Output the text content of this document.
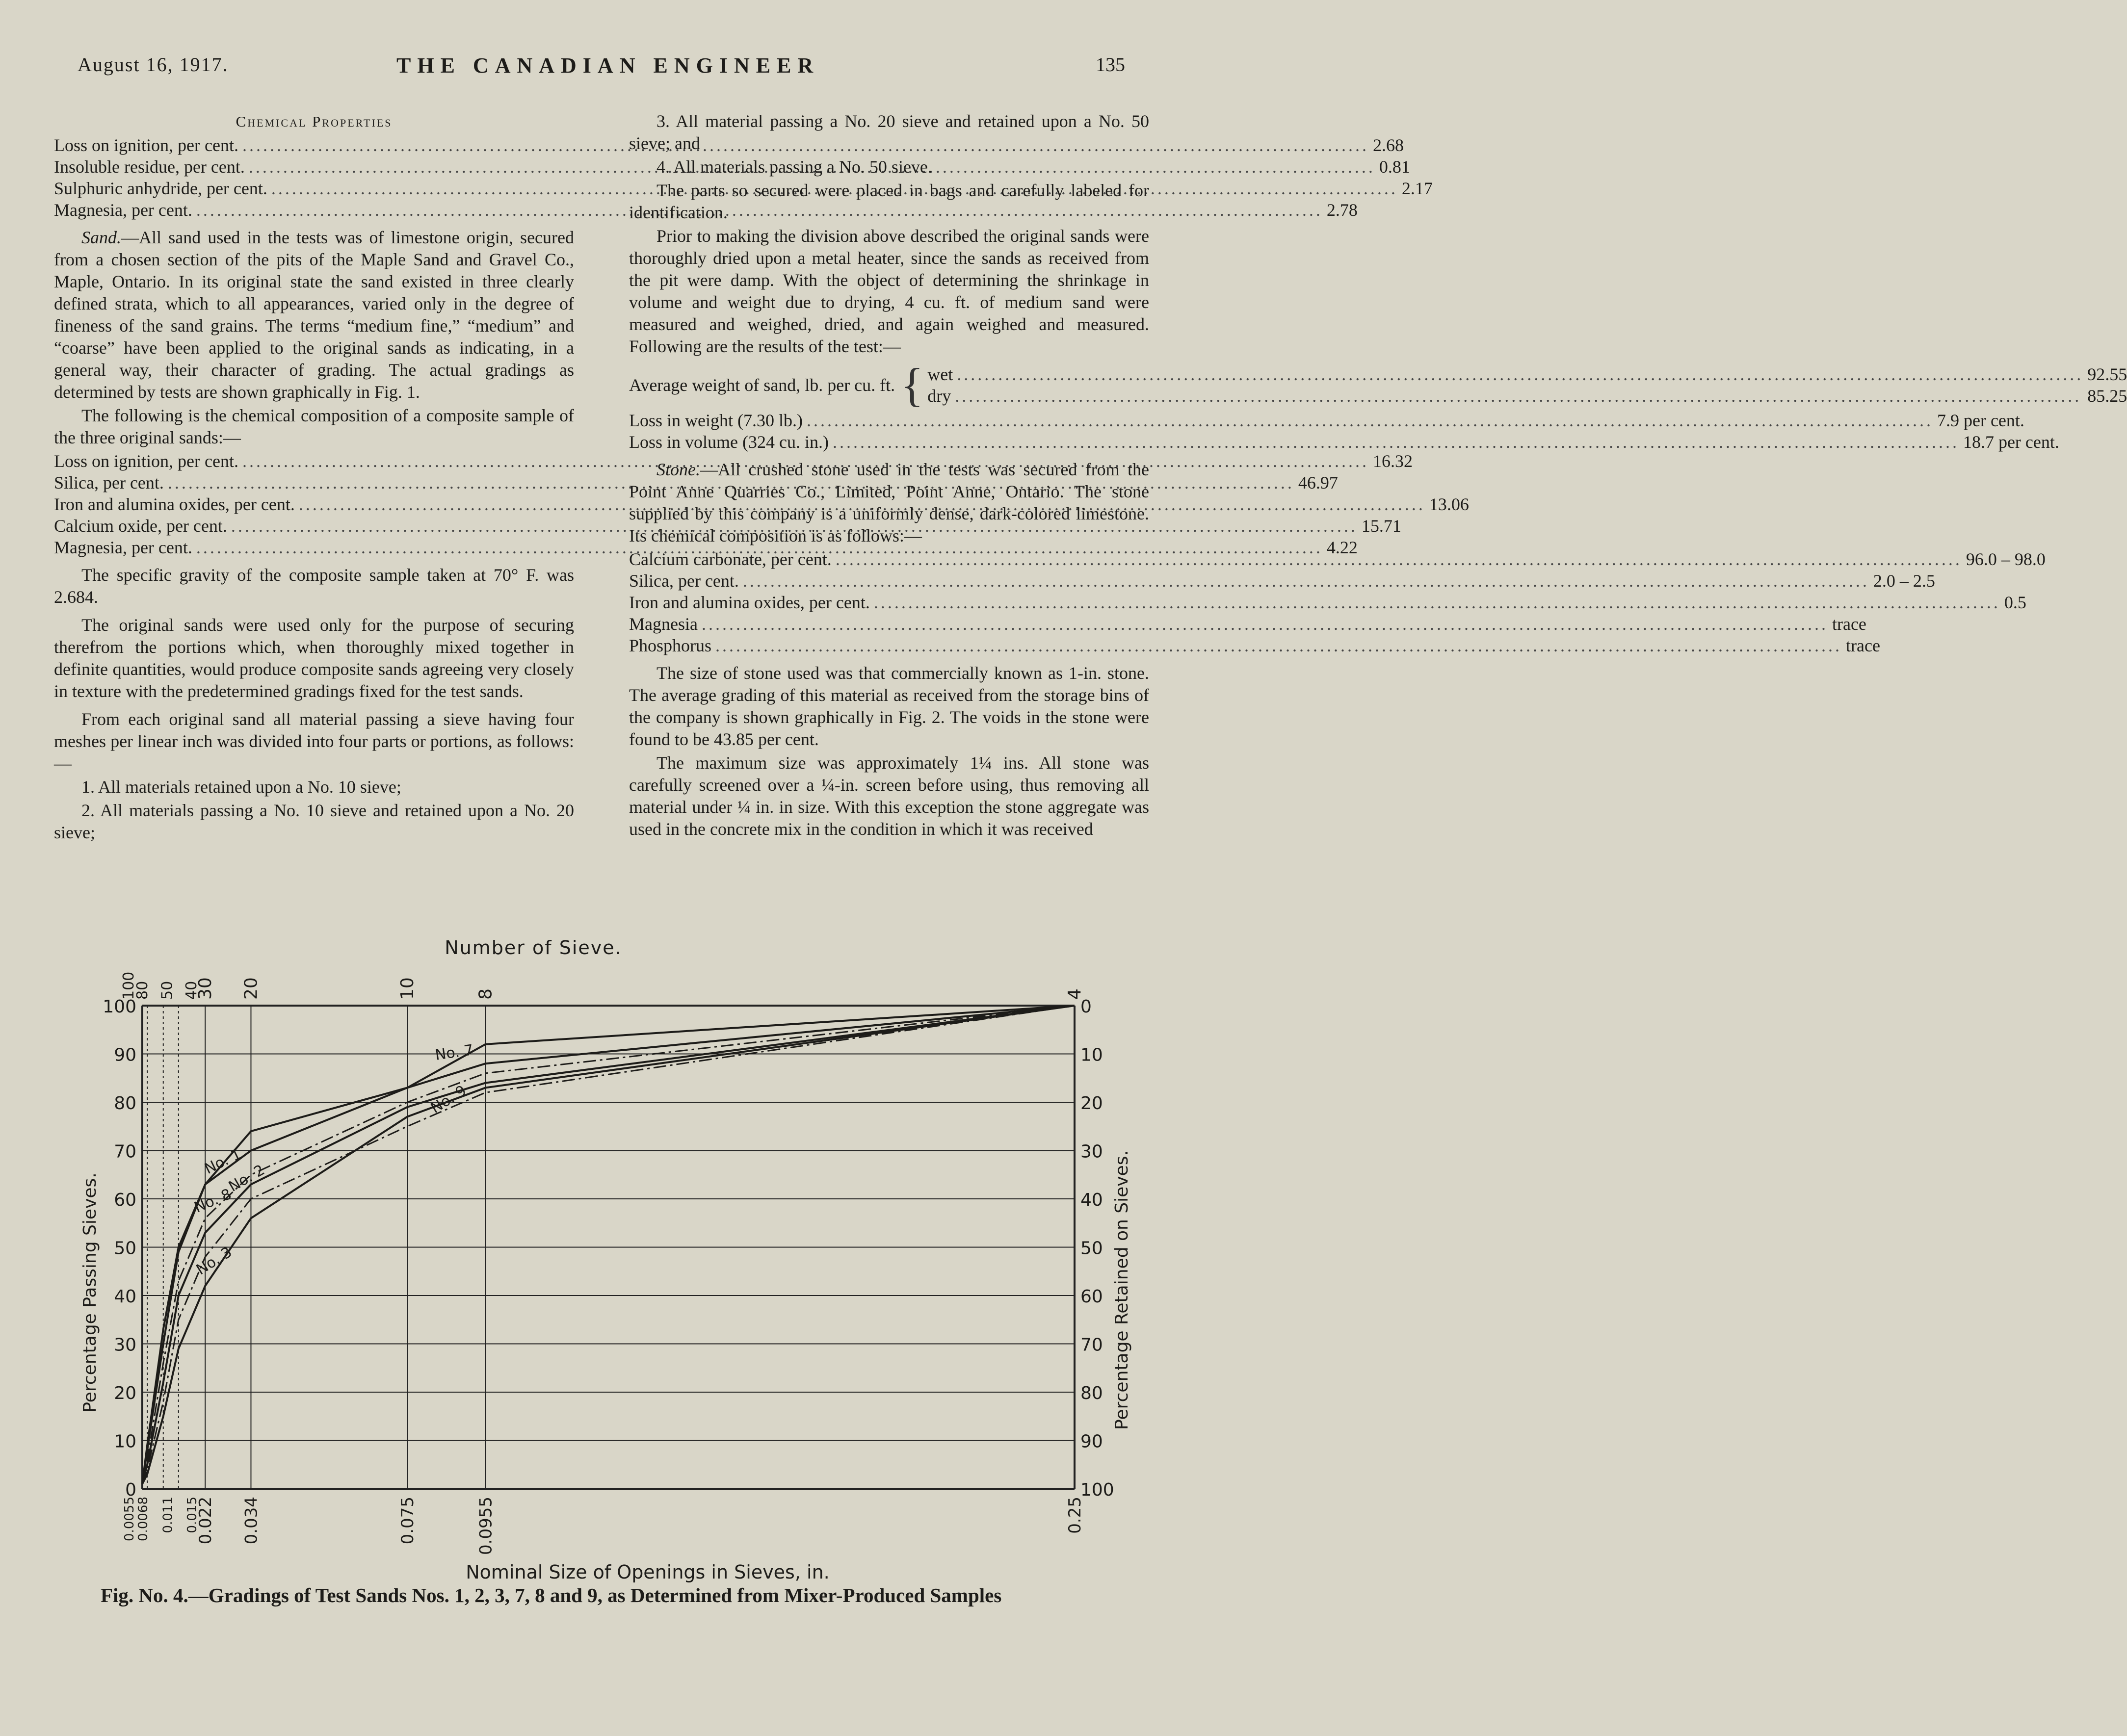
August 16, 1917.	THE CANADIAN ENGINEER	135
Chemical Properties
Loss on ignition, per cent. .....	2.68
Insoluble residue, per cent. .....	0.81
Sulphuric anhydride, per cent. .....	2.17
Magnesia, per cent. .....	2.78

Sand.—All sand used in the tests was of limestone origin, secured from a chosen section of the pits of the Maple Sand and Gravel Co., Maple, Ontario. In its original state the sand existed in three clearly defined strata, which to all appearances, varied only in the degree of fineness of the sand grains. The terms “medium fine,” “medium” and “coarse” have been applied to the original sands as indicating, in a general way, their character of grading. The actual gradings as determined by tests are shown graphically in Fig. 1.

The following is the chemical composition of a composite sample of the three original sands:—

Loss on ignition, per cent. .....	16.32
Silica, per cent. .....	46.97
Iron and alumina oxides, per cent. .....	13.06
Calcium oxide, per cent. .....	15.71
Magnesia, per cent. .....	4.22

The specific gravity of the composite sample taken at 70° F. was 2.684.

The original sands were used only for the purpose of securing therefrom the portions which, when thoroughly mixed together in definite quantities, would produce composite sands agreeing very closely in texture with the predetermined gradings fixed for the test sands.

From each original sand all material passing a sieve having four meshes per linear inch was divided into four parts or portions, as follows:—

1. All materials retained upon a No. 10 sieve;

2. All materials passing a No. 10 sieve and retained upon a No. 20 sieve;

3. All material passing a No. 20 sieve and retained upon a No. 50 sieve; and

4. All materials passing a No. 50 sieve.

The parts so secured were placed in bags and carefully labeled for identification.

Prior to making the division above described the original sands were thoroughly dried upon a metal heater, since the sands as received from the pit were damp. With the object of determining the shrinkage in volume and weight due to drying, 4 cu. ft. of medium sand were measured and weighed, dried, and again weighed and measured. Following are the results of the test:—

Average weight of sand, lb. per cu. ft. { wet .....	92.55
dry .....	85.25
Loss in weight (7.30 lb.) .....	7.9 per cent.
Loss in volume (324 cu. in.) .....	18.7 per cent.

Stone.—All crushed stone used in the tests was secured from the Point Anne Quarries Co., Limited, Point Anne, Ontario. The stone supplied by this company is a uniformly dense, dark-colored limestone. Its chemical composition is as follows:—

Calcium carbonate, per cent. .....	96.0 – 98.0
Silica, per cent. .....	2.0 – 2.5
Iron and alumina oxides, per cent. .....	0.5
Magnesia .....	trace
Phosphorus .....	trace

The size of stone used was that commercially known as 1-in. stone. The average grading of this material as received from the storage bins of the company is shown graphically in Fig. 2. The voids in the stone were found to be 43.85 per cent.

The maximum size was approximately 1¼ ins. All stone was carefully screened over a ¼-in. screen before using, thus removing all material under ¼ in. in size. With this exception the stone aggregate was used in the concrete mix in the condition in which it was received

0
10
20
30
40
50
60
70
80
90
100
100
90
80
70
60
50
40
30
20
10
0
0.0055
0.0068 0.011 0.015
0.022 0.034	0.075	0.0955	0.25
100
80 50 40
30 20	10	8	4
Number of Sieve.
Nominal Size of Openings in Sieves, in.
Percentage Passing Sieves.	Percentage Retained on Sieves.
No. 1
No. 7
No. 8
No. 2
No. 9
No. 3
Fig. No. 4.—Gradings of Test Sands Nos. 1, 2, 3, 7, 8 and 9, as Determined from Mixer-Produced Samples
